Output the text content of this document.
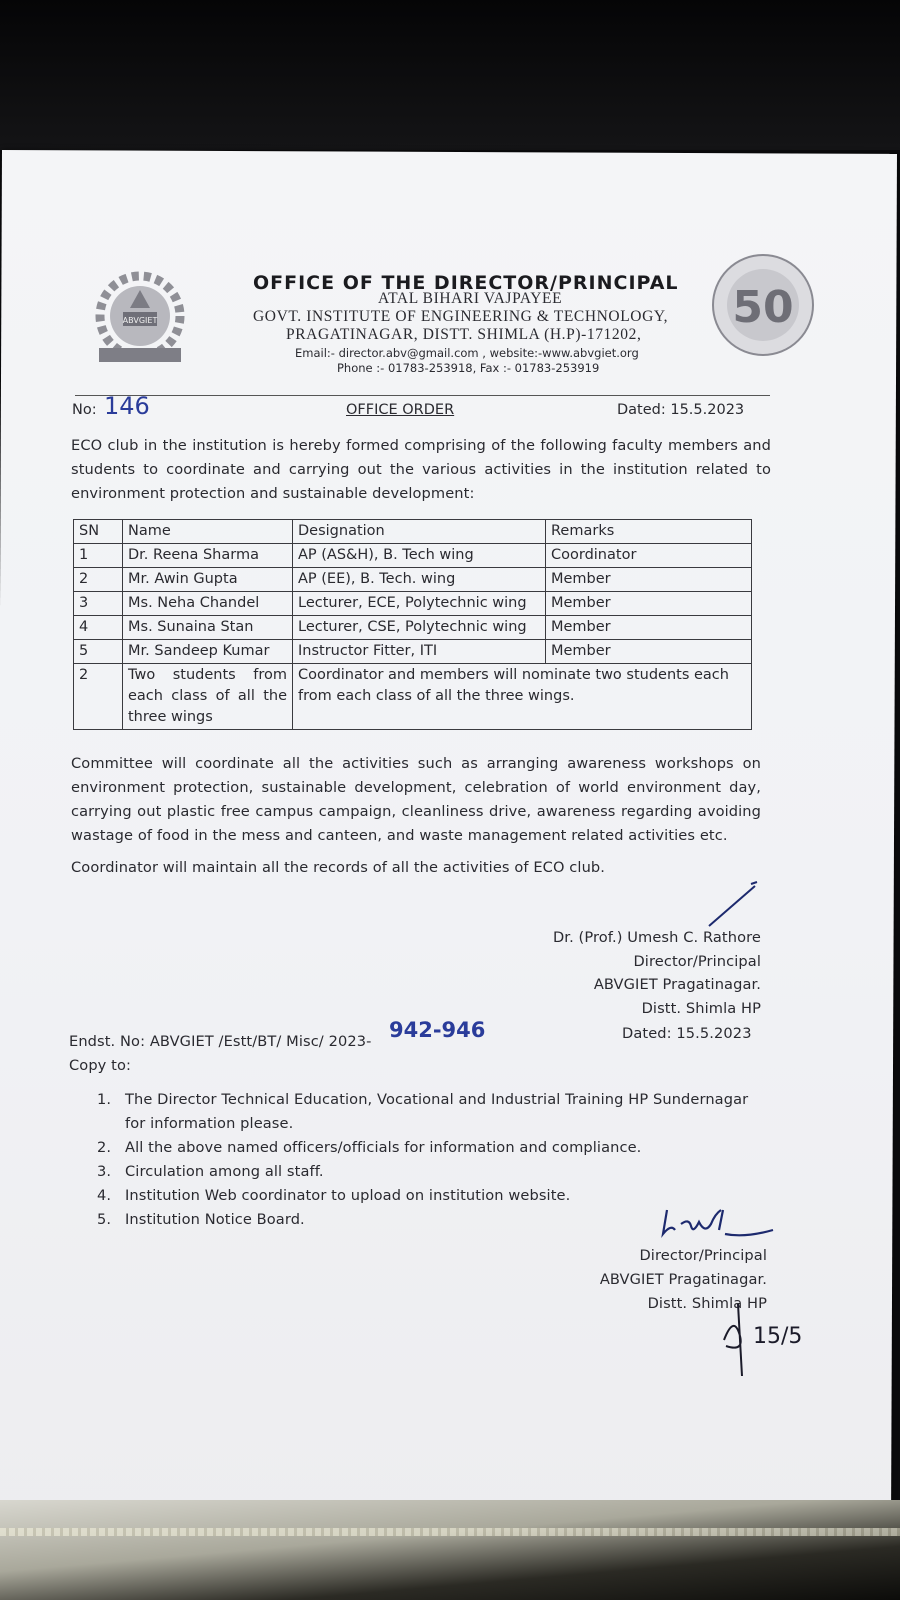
ABVGIET	50
OFFICE OF THE DIRECTOR/PRINCIPAL
ATAL BIHARI VAJPAYEE
GOVT. INSTITUTE OF ENGINEERING & TECHNOLOGY,
PRAGATINAGAR, DISTT. SHIMLA (H.P)-171202,
Email:- director.abv@gmail.com , website:-www.abvgiet.org
Phone :- 01783-253918, Fax :- 01783-253919
No: 146	OFFICE ORDER	Dated: 15.5.2023
ECO club in the institution is hereby formed comprising of the following faculty members and students to coordinate and carrying out the various activities in the institution related to environment protection and sustainable development:
SN	Name	Designation	Remarks
1	Dr. Reena Sharma	AP (AS&H), B. Tech wing	Coordinator
2	Mr. Awin Gupta	AP (EE), B. Tech. wing	Member
3	Ms. Neha Chandel	Lecturer, ECE, Polytechnic wing	Member
4	Ms. Sunaina Stan	Lecturer, CSE, Polytechnic wing	Member
5	Mr. Sandeep Kumar	Instructor Fitter, ITI	Member
2	Two students from each class of all the three wings	Coordinator and members will nominate two students each from each class of all the three wings.	
Committee will coordinate all the activities such as arranging awareness workshops on environment protection, sustainable development, celebration of world environment day, carrying out plastic free campus campaign, cleanliness drive, awareness regarding avoiding wastage of food in the mess and canteen, and waste management related activities etc.
Coordinator will maintain all the records of all the activities of ECO club.
Dr. (Prof.) Umesh C. Rathore
Director/Principal
ABVGIET Pragatinagar.
Distt. Shimla HP
Dated: 15.5.2023
Endst. No: ABVGIET /Estt/BT/ Misc/ 2023- 942-946
Copy to:
1. The Director Technical Education, Vocational and Industrial Training HP Sundernagar for information please.
2. All the above named officers/officials for information and compliance.
3. Circulation among all staff.
4. Institution Web coordinator to upload on institution website.
5. Institution Notice Board.
Director/Principal
ABVGIET Pragatinagar.
Distt. Shimla HP
15/5
